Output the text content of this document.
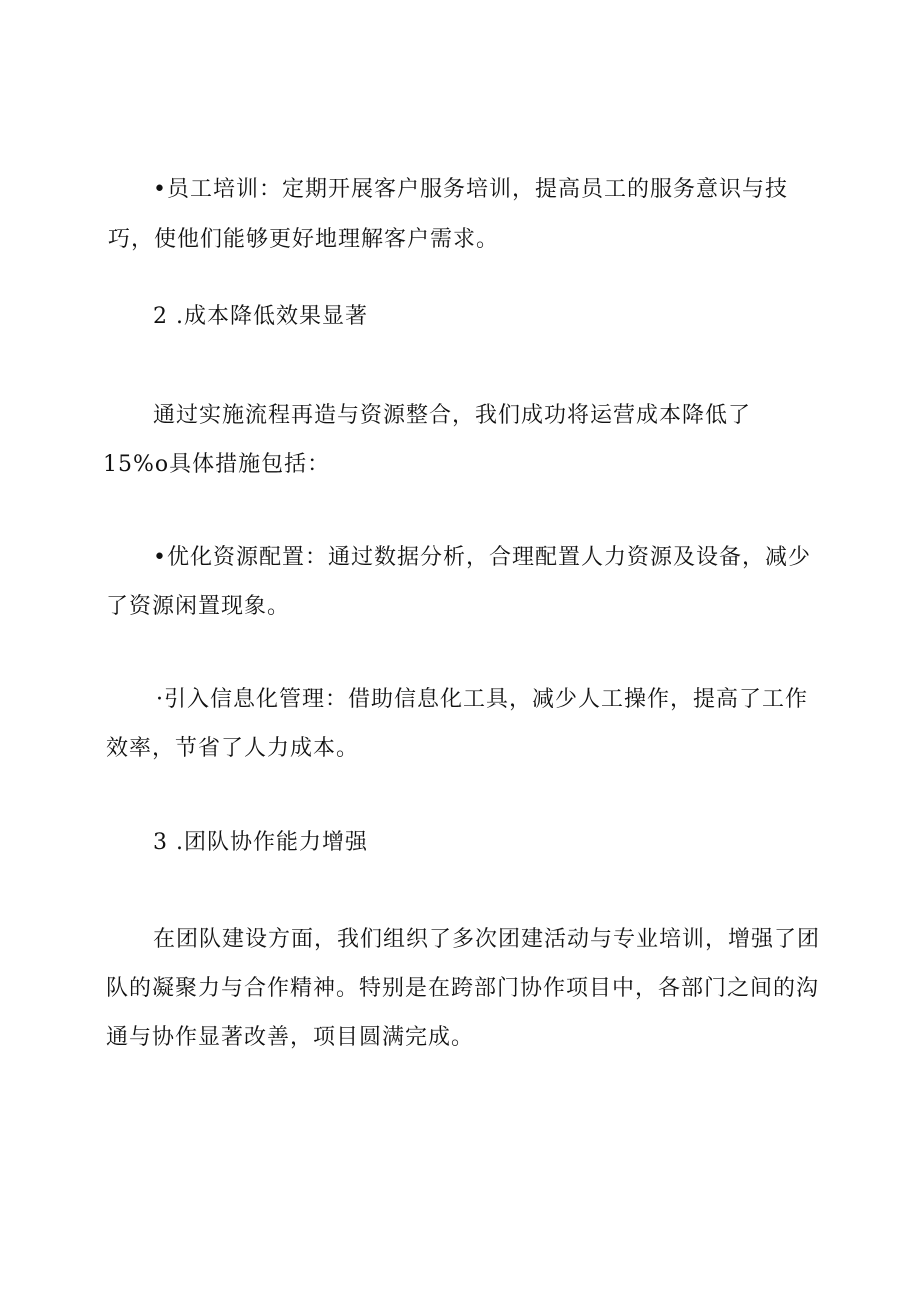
•员工培训：定期开展客户服务培训，提高员工的服务意识与技
巧，使他们能够更好地理解客户需求。
2 .成本降低效果显著
通过实施流程再造与资源整合，我们成功将运营成本降低了
15%o具体措施包括：
•优化资源配置：通过数据分析，合理配置人力资源及设备，减少
了资源闲置现象。
·引入信息化管理：借助信息化工具，减少人工操作，提高了工作
效率，节省了人力成本。
3 .团队协作能力增强
在团队建设方面，我们组织了多次团建活动与专业培训，增强了团
队的凝聚力与合作精神。特别是在跨部门协作项目中，各部门之间的沟
通与协作显著改善，项目圆满完成。
